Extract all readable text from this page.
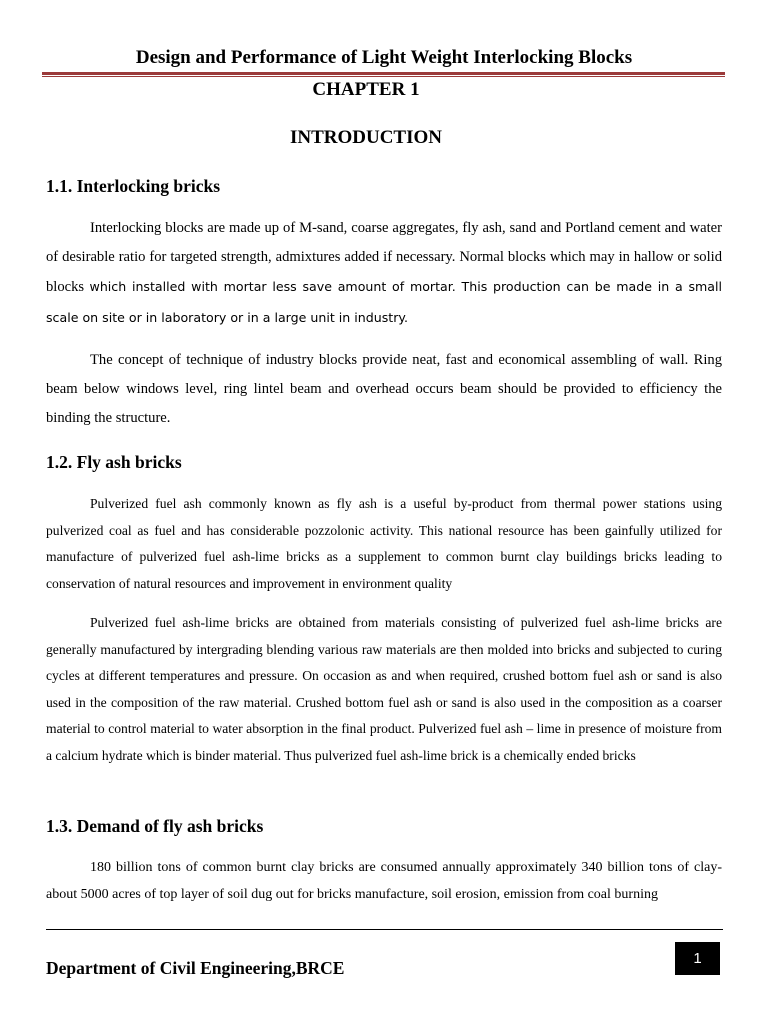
Design and Performance of Light Weight Interlocking Blocks
CHAPTER 1
INTRODUCTION
1.1. Interlocking bricks
Interlocking blocks are made up of M-sand, coarse aggregates, fly ash, sand and Portland cement and water of desirable ratio for targeted strength, admixtures added if necessary. Normal blocks which may in hallow or solid blocks which installed with mortar less save amount of mortar. This production can be made in a small scale on site or in laboratory or in a large unit in industry.
The concept of technique of industry blocks provide neat, fast and economical assembling of wall. Ring beam below windows level, ring lintel beam and overhead occurs beam should be provided to efficiency the binding the structure.
1.2. Fly ash bricks
Pulverized fuel ash commonly known as fly ash is a useful by-product from thermal power stations using pulverized coal as fuel and has considerable pozzolonic activity. This national resource has been gainfully utilized for manufacture of pulverized fuel ash-lime bricks as a supplement to common burnt clay buildings bricks leading to conservation of natural resources and improvement in environment quality
Pulverized fuel ash-lime bricks are obtained from materials consisting of pulverized fuel ash-lime bricks are generally manufactured by intergrading blending various raw materials are then molded into bricks and subjected to curing cycles at different temperatures and pressure. On occasion as and when required, crushed bottom fuel ash or sand is also used in the composition of the raw material. Crushed bottom fuel ash or sand is also used in the composition as a coarser material to control material to water absorption in the final product. Pulverized fuel ash – lime in presence of moisture from a calcium hydrate which is binder material. Thus pulverized fuel ash-lime brick is a chemically ended bricks
1.3. Demand of fly ash bricks
180 billion tons of common burnt clay bricks are consumed annually approximately 340 billion tons of clay-about 5000 acres of top layer of soil dug out for bricks manufacture, soil erosion, emission from coal burning
Department of Civil Engineering,BRCE	1
